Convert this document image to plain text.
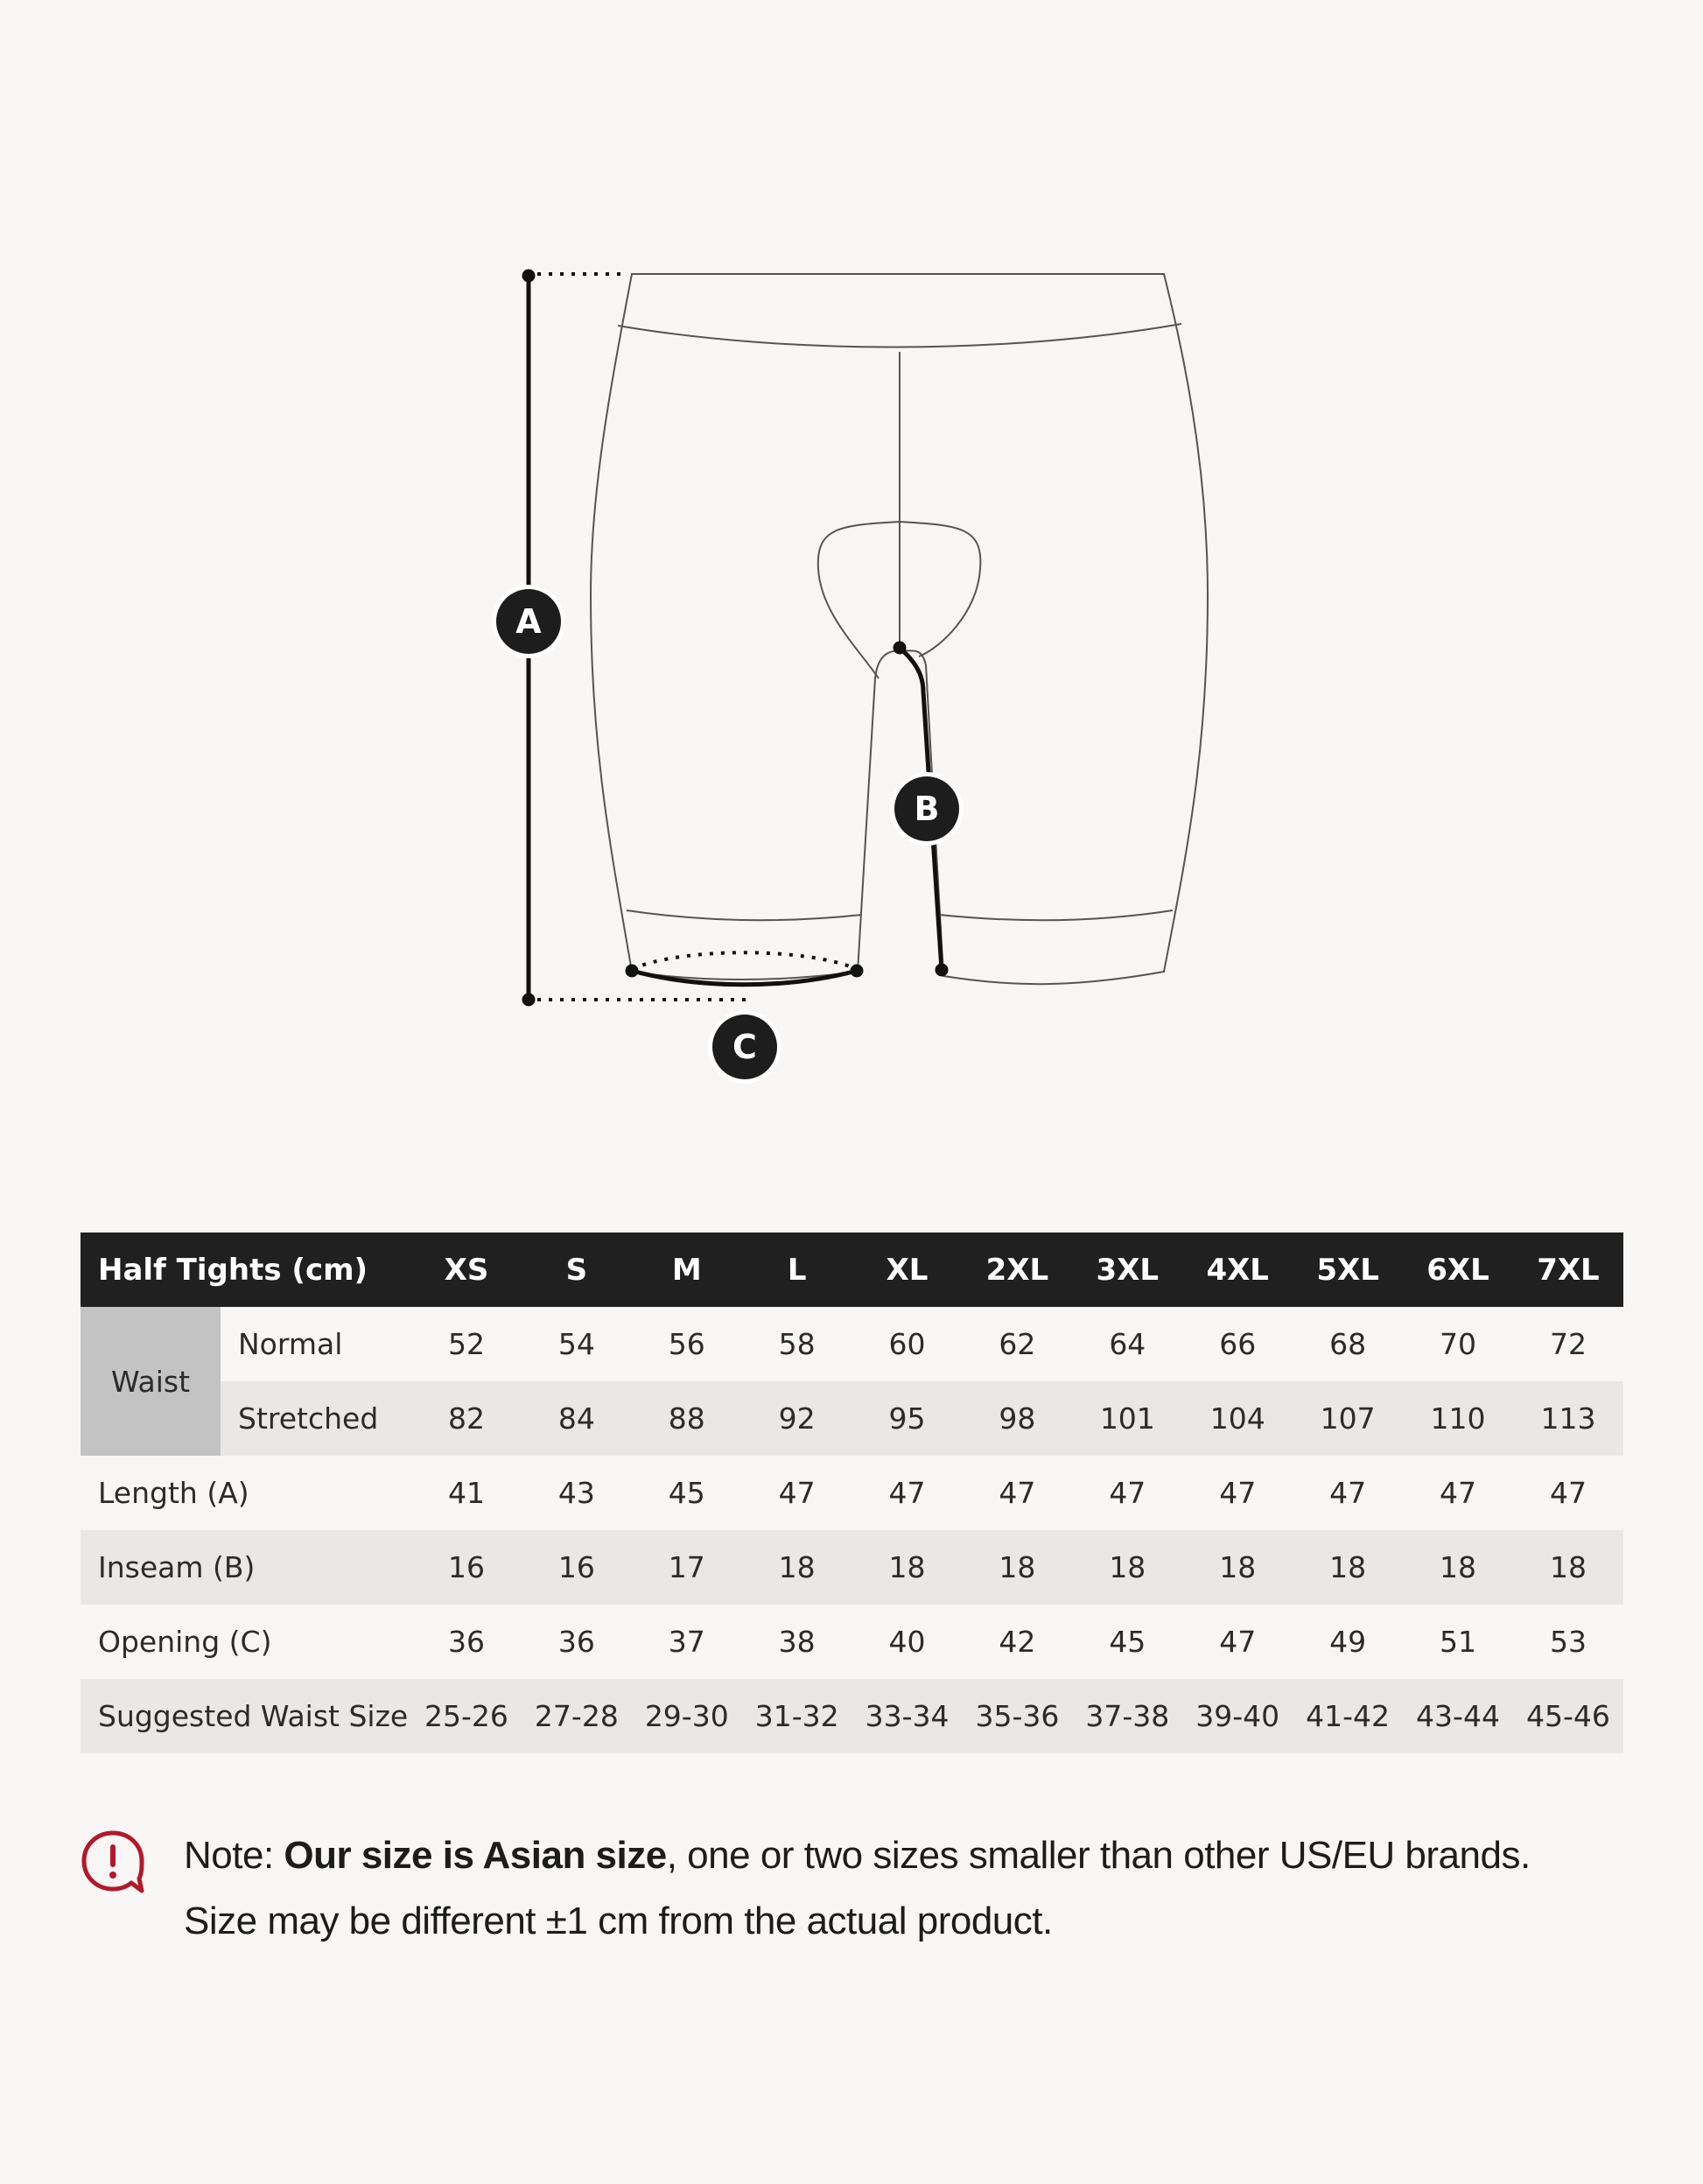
A
B
C
Half Tights (cm)	XS	S	M	L	XL	2XL	3XL	4XL	5XL	6XL	7XL

Normal	52	54	56	58	60	62	64	66	68	70	72

Stretched	82	84	88	92	95	98	101	104	107	110	113
Length (A)	41	43	45	47	47	47	47	47	47	47	47
Inseam (B)	16	16	17	18	18	18	18	18	18	18	18
Opening (C)	36	36	37	38	40	42	45	47	49	51	53
Suggested Waist Size	25-26	27-28	29-30	31-32	33-34	35-36	37-38	39-40	41-42	43-44	45-46
Waist
Note: Our size is Asian size, one or two sizes smaller than other US/EU brands.
Size may be different ±1 cm from the actual product.
